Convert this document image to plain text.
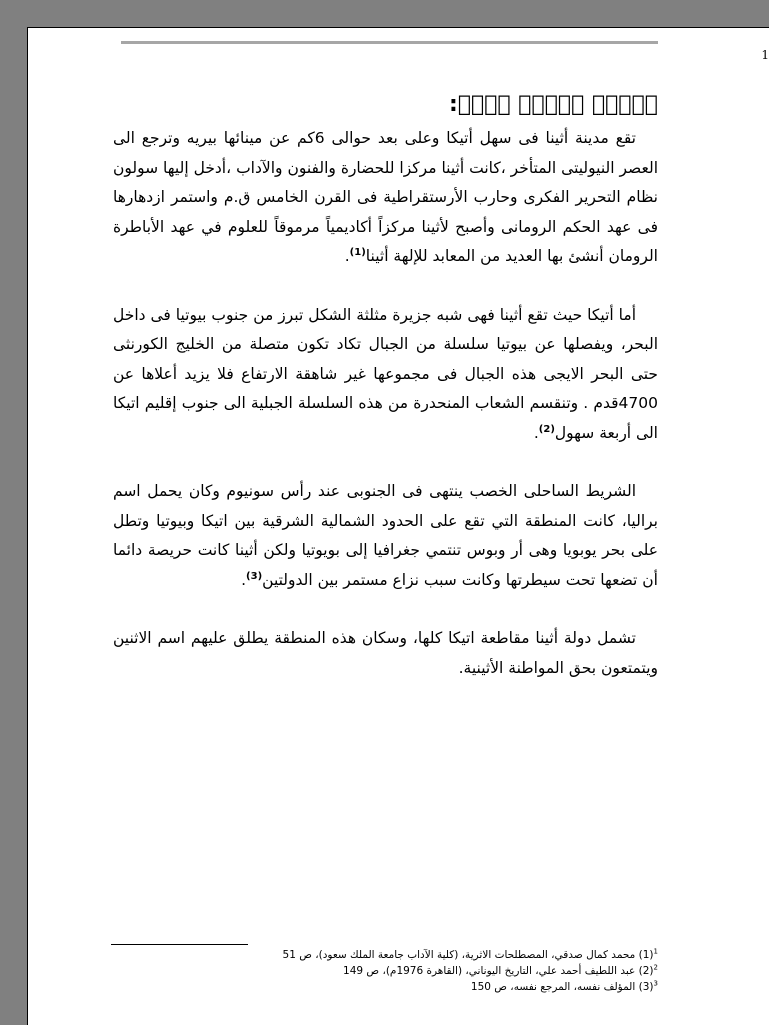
1
􀀀􀀀􀀀􀀀 􀀀􀀀􀀀􀀀􀀀 􀀀􀀀􀀀􀀀􀀀:

تقع مدينة أثينا فى سهل أتيكا وعلى بعد حوالى 6كم عن مينائها بيريه وترجع الى العصر النيوليتى المتأخر ،كانت أثينا مركزا للحضارة والفنون والآداب ،أدخل إليها سولون نظام التحرير الفكرى وحارب الأرستقراطية فى القرن الخامس ق.م واستمر ازدهارها فى عهد الحكم الرومانى وأصبح لأثينا مركزاً أكاديمياً مرموقاً للعلوم في عهد الأباطرة الرومان أنشئ بها العديد من المعابد للإلهة أثينا$^{(1)}$.

أما أتيكا حيث تقع أثينا فهى شبه جزيرة مثلثة الشكل تبرز من جنوب بيوتيا فى داخل البحر، ويفصلها عن بيوتيا سلسلة من الجبال تكاد تكون متصلة من الخليج الكورنثى حتى البحر الايجى هذه الجبال فى مجموعها غير شاهقة الارتفاع فلا يزيد أعلاها عن 4700قدم . وتنقسم الشعاب المنحدرة من هذه السلسلة الجبلية الى جنوب إقليم اتيكا الى أربعة سهول$^{(2)}$.

الشريط الساحلى الخصب ينتهى فى الجنوبى عند رأس سونيوم وكان يحمل اسم براليا، كانت المنطقة التي تقع على الحدود الشمالية الشرقية بين اتيكا وبيوتيا وتطل على بحر يوبويا وهى أر وبوس تنتمي جغرافيا إلى بويوتيا ولكن أثينا كانت حريصة دائما أن تضعها تحت سيطرتها وكانت سبب نزاع مستمر بين الدولتين$^{(3)}$.

تشمل دولة أثينا مقاطعة اتيكا كلها، وسكان هذه المنطقة يطلق عليهم اسم الاثنين ويتمتعون بحق المواطنة الأثينية.

$^1$(1) محمد كمال صدقي، المصطلحات الاثرية، (كلية الآداب جامعة الملك سعود)، ص 51
$^2$(2) عبد اللطيف أحمد علي، التاريخ اليوناني، (القاهرة 1976م)، ص 149
$^3$(3) المؤلف نفسه، المرجع نفسه، ص 150
